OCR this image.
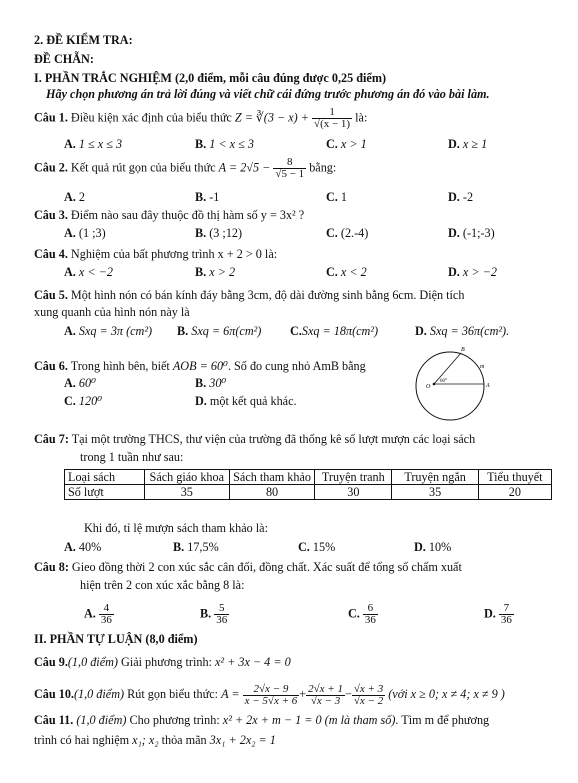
2. ĐỀ KIỂM TRA:
ĐỀ CHẴN:
I. PHẦN TRẮC NGHIỆM (2,0 điểm, mỗi câu đúng được 0,25 điểm)
Hãy chọn phương án trả lời đúng và viết chữ cái đứng trước phương án đó vào bài làm.
Câu 1. Điều kiện xác định của biểu thức Z = ∛(3 − $x) + \frac{1}{√(x - 1)}$ là:
A. 1 ≤ x ≤ 3	B. 1 < x ≤ 3	C. x > 1	D. x ≥ 1
Câu 2. Kết quả rút gọn của biểu thức $A = 2√5 - \frac{8}{√5 - 1}$ bằng:
A. 2	B. -1	C. 1	D. -2
Câu 3. Điểm nào sau đây thuộc đồ thị hàm số y = 3x² ?
A. (1 ;3)	B. (3 ;12)	C. (2.-4)	D. (-1;-3)
Câu 4. Nghiệm của bất phương trình x + 2 > 0 là:
A. x < −2	B. x > 2	C. x < 2	D. x > −2
Câu 5. Một hình nón có bán kính đáy bằng 3cm, độ dài đường sinh bằng 6cm. Diện tích
xung quanh của hình nón này là
A. Sxq = 3π (cm²) B. Sxq = 6π(cm²) C.Sxq = 18π(cm²)	D. Sxq = 36π(cm²).
Câu 6. Trong hình bên, biết AOB = 60⁰. Số đo cung nhỏ AmB bằng
A. 60⁰	B. 30⁰
C. 120⁰	D. một kết quả khác.
O	A
B
m
60°
Câu 7: Tại một trường THCS, thư viện của trường đã thống kê số lượt mượn các loại sách
trong 1 tuần như sau:
Loại sách	Sách giáo khoa	Sách tham khảo	Truyện tranh	Truyện ngắn	Tiểu thuyết
Số lượt	35	80	30	35	20
Khi đó, tỉ lệ mượn sách tham khảo là:
A. 40%	B. 17,5%	C. 15%	D. 10%
Câu 8: Gieo đồng thời 2 con xúc sắc cân đối, đồng chất. Xác suất để tổng số chấm xuất
hiện trên 2 con xúc xắc bằng 8 là:
A. $\frac{4}{36}$	B. $\frac{5}{36}$	C. $\frac{6}{36}$	D. $\frac{7}{36}$
II. PHẦN TỰ LUẬN (8,0 điểm)
Câu 9.(1,0 điểm) Giải phương trình: x² + 3x − 4 = 0
Câu 10.(1,0 điểm) Rút gọn biểu thức: $A = \frac{2√x - 9}{x - 5√x + 6} + \frac{2√x + 1}{√x - 3} - \frac{√x + 3}{√x - 2}$ (với x ≥ 0; x ≠ 4; x ≠ 9 )
Câu 11. (1,0 điểm) Cho phương trình: x² + 2x + m − 1 = 0 (m là tham số). Tìm m để phương
trình có hai nghiệm x₁; x₂ thỏa mãn 3x₁ + 2x₂ = 1
